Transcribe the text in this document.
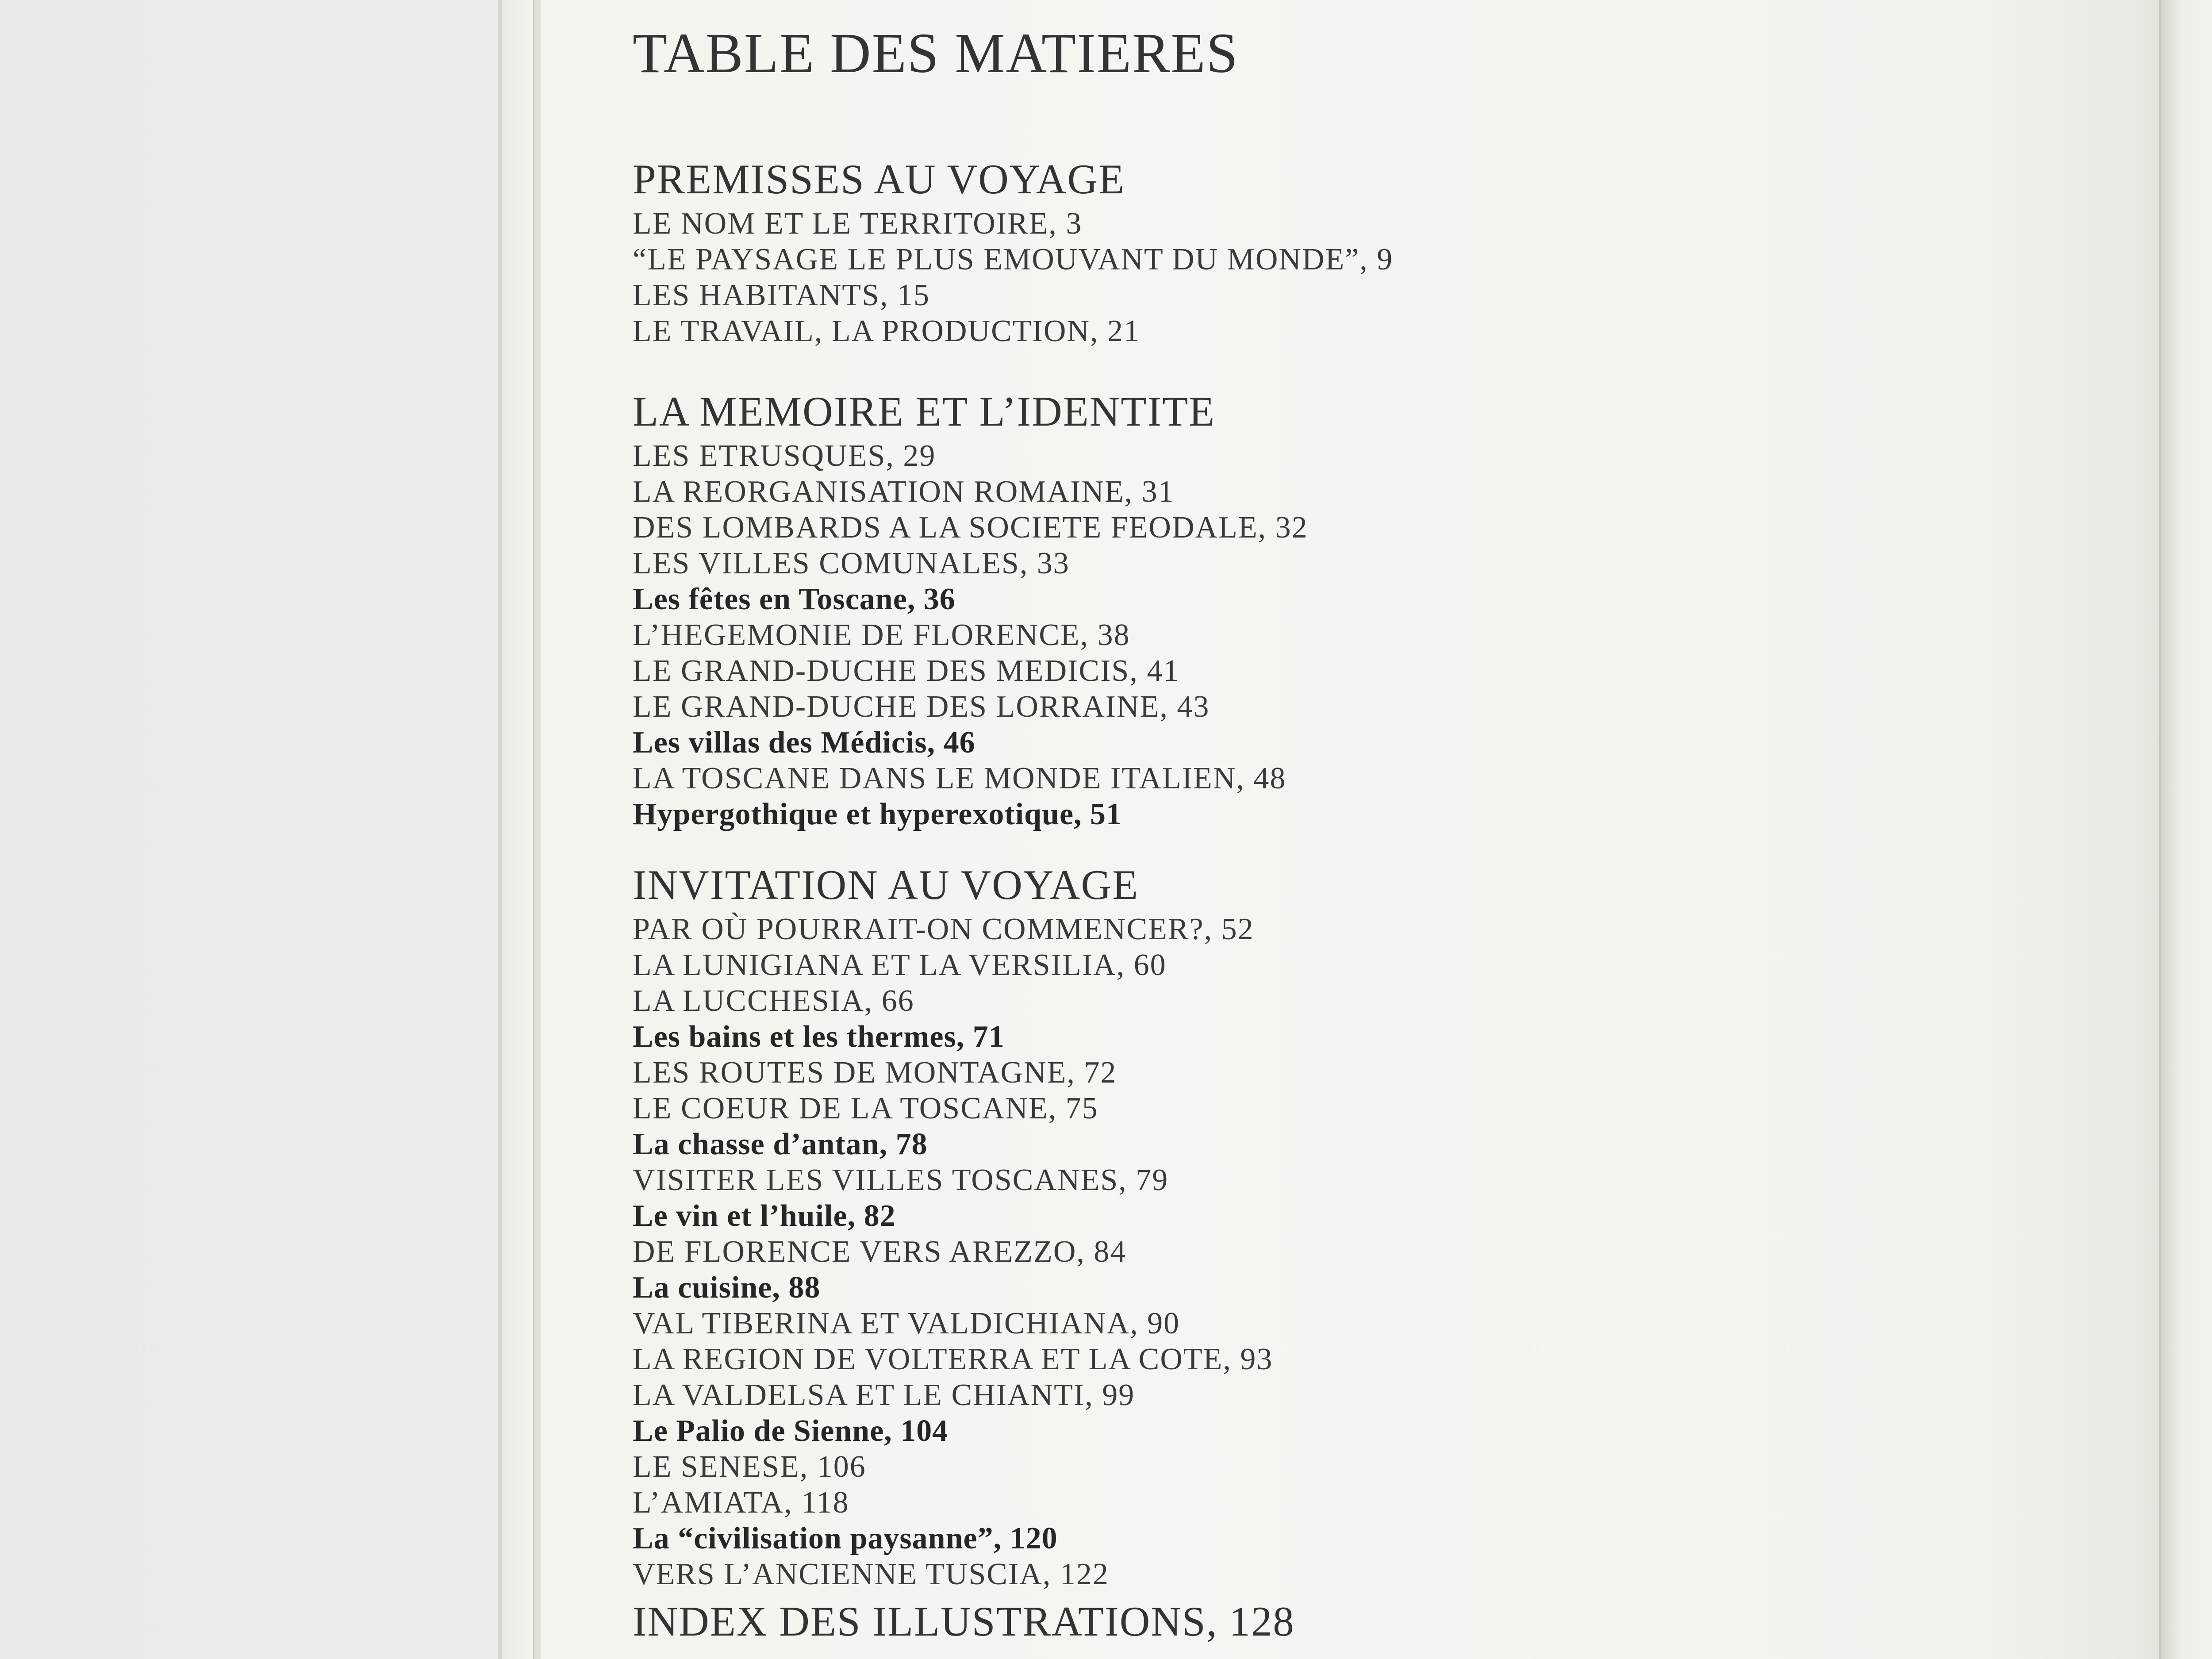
TABLE DES MATIERES
PREMISSES AU VOYAGE
LE NOM ET LE TERRITOIRE, 3
“LE PAYSAGE LE PLUS EMOUVANT DU MONDE”, 9
LES HABITANTS, 15
LE TRAVAIL, LA PRODUCTION, 21
LA MEMOIRE ET L’IDENTITE
LES ETRUSQUES, 29
LA REORGANISATION ROMAINE, 31
DES LOMBARDS A LA SOCIETE FEODALE, 32
LES VILLES COMUNALES, 33
Les fêtes en Toscane, 36
L’HEGEMONIE DE FLORENCE, 38
LE GRAND-DUCHE DES MEDICIS, 41
LE GRAND-DUCHE DES LORRAINE, 43
Les villas des Médicis, 46
LA TOSCANE DANS LE MONDE ITALIEN, 48
Hypergothique et hyperexotique, 51
INVITATION AU VOYAGE
PAR OÙ POURRAIT-ON COMMENCER?, 52
LA LUNIGIANA ET LA VERSILIA, 60
LA LUCCHESIA, 66
Les bains et les thermes, 71
LES ROUTES DE MONTAGNE, 72
LE COEUR DE LA TOSCANE, 75
La chasse d’antan, 78
VISITER LES VILLES TOSCANES, 79
Le vin et l’huile, 82
DE FLORENCE VERS AREZZO, 84
La cuisine, 88
VAL TIBERINA ET VALDICHIANA, 90
LA REGION DE VOLTERRA ET LA COTE, 93
LA VALDELSA ET LE CHIANTI, 99
Le Palio de Sienne, 104
LE SENESE, 106
L’AMIATA, 118
La “civilisation paysanne”, 120
VERS L’ANCIENNE TUSCIA, 122
INDEX DES ILLUSTRATIONS, 128
